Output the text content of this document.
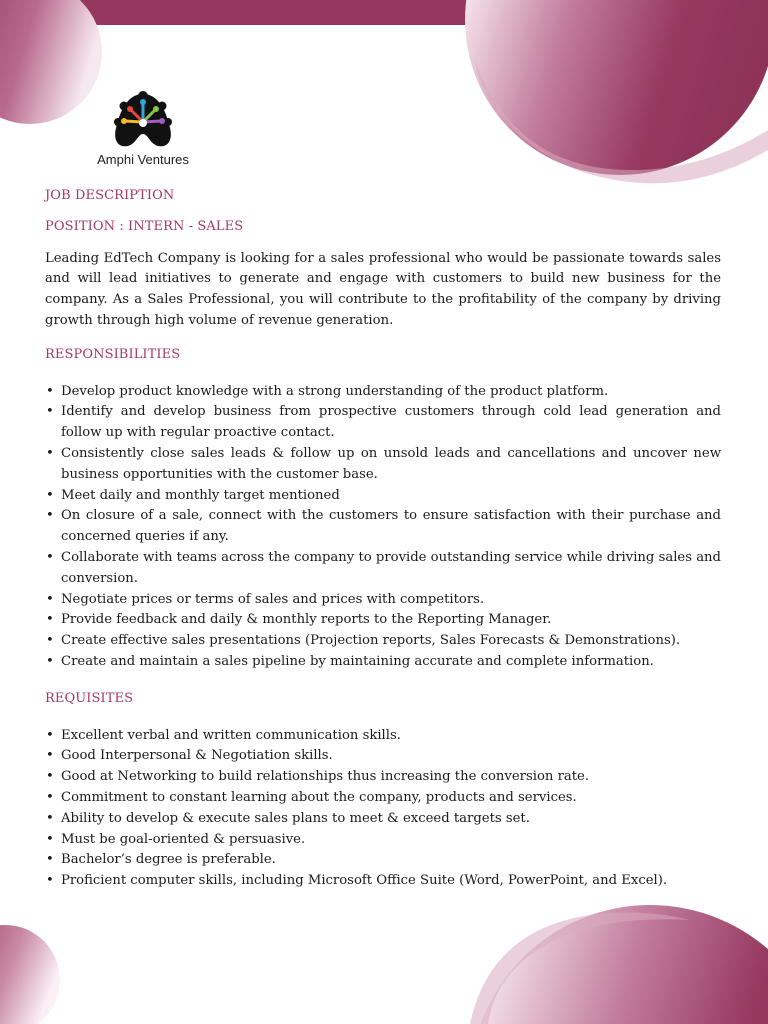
Amphi Ventures
JOB DESCRIPTION
POSITION : INTERN - SALES

Leading EdTech Company is looking for a sales professional who would be passionate towards sales and will lead initiatives to generate and engage with customers to build new business for the company. As a Sales Professional, you will contribute to the profitability of the company by driving growth through high volume of revenue generation.

RESPONSIBILITIES
• Develop product knowledge with a strong understanding of the product platform.
• Identify and develop business from prospective customers through cold lead generation and follow up with regular proactive contact.
• Consistently close sales leads & follow up on unsold leads and cancellations and uncover new business opportunities with the customer base.
• Meet daily and monthly target mentioned
• On closure of a sale, connect with the customers to ensure satisfaction with their purchase and concerned queries if any.
• Collaborate with teams across the company to provide outstanding service while driving sales and conversion.
• Negotiate prices or terms of sales and prices with competitors.
• Provide feedback and daily & monthly reports to the Reporting Manager.
• Create effective sales presentations (Projection reports, Sales Forecasts & Demonstrations).
• Create and maintain a sales pipeline by maintaining accurate and complete information.
REQUISITES
• Excellent verbal and written communication skills.
• Good Interpersonal & Negotiation skills.
• Good at Networking to build relationships thus increasing the conversion rate.
• Commitment to constant learning about the company, products and services.
• Ability to develop & execute sales plans to meet & exceed targets set.
• Must be goal-oriented & persuasive.
• Bachelor’s degree is preferable.
• Proficient computer skills, including Microsoft Office Suite (Word, PowerPoint, and Excel).
